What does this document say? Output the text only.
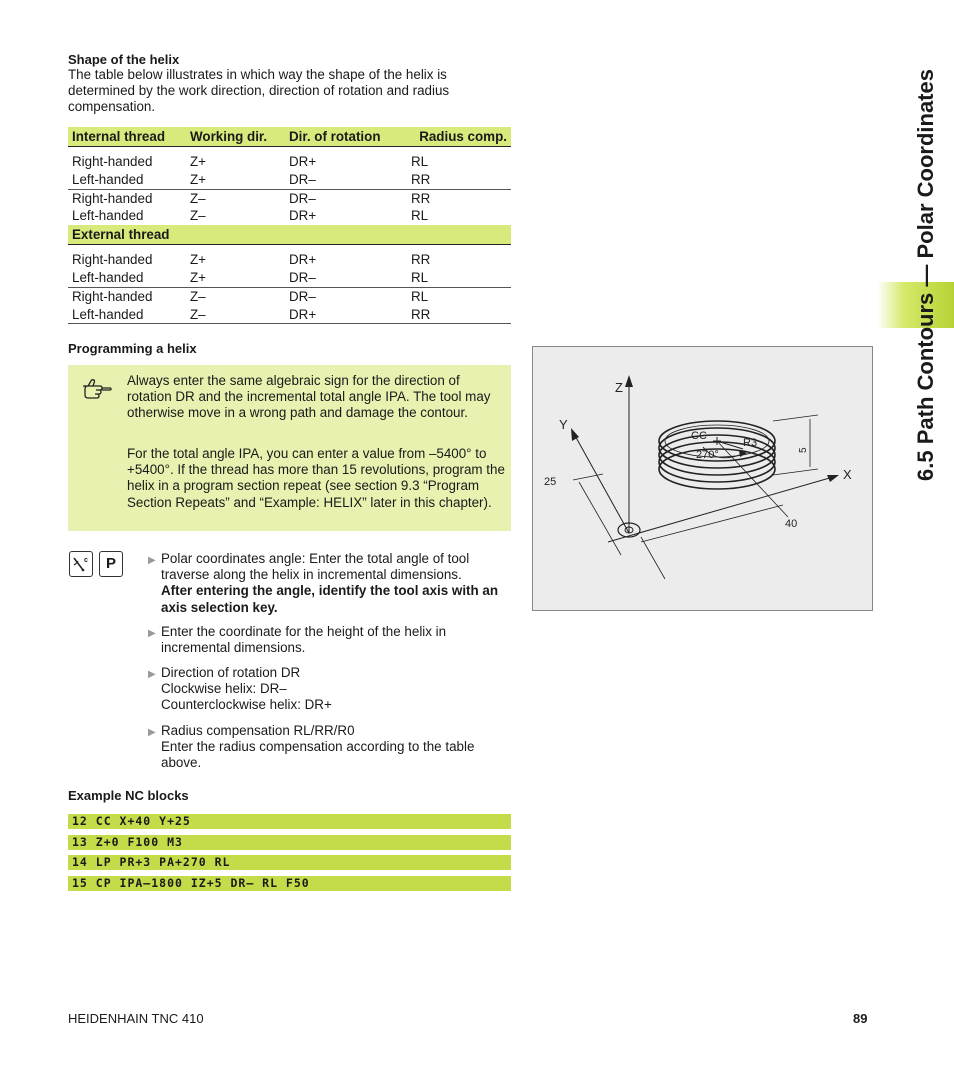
6.5 Path Contours — Polar Coordinates
Shape of the helix
The table below illustrates in which way the shape of the helix is determined by the work direction, direction of rotation and radius compensation.
Internal thread	Working dir.	Dir. of rotation	Radius comp.

Right-handed	Z+	DR+	RL
Left-handed	Z+	DR–	RR
Right-handed	Z–	DR–	RR
Left-handed	Z–	DR+	RL
External thread			

Right-handed	Z+	DR+	RR
Left-handed	Z+	DR–	RL
Right-handed	Z–	DR–	RL
Left-handed	Z–	DR+	RR
Programming a helix
Always enter the same algebraic sign for the direction of rotation DR and the incremental total angle IPA. The tool may otherwise move in a wrong path and damage the contour.
For the total angle IPA, you can enter a value from –5400° to +5400°. If the thread has more than 15 revolutions, program the helix in a program section repeat (see section 9.3 “Program Section Repeats” and “Example: HELIX” later in this chapter).
c	P	▶ Polar coordinates angle: Enter the total angle of tool traverse along the helix in incremental dimensions.
After entering the angle, identify the tool axis with an axis selection key.
▶ Enter the coordinate for the height of the helix in incremental dimensions.
▶ Direction of rotation DR
Clockwise helix: DR–
Counterclockwise helix: DR+
▶ Radius compensation RL/RR/R0
Enter the radius compensation according to the table above.
Example NC blocks
12 CC X+40 Y+25
13 Z+0 F100 M3
14 LP PR+3 PA+270 RL
15 CP IPA–1800 IZ+5 DR– RL F50
Z
Y
X
CC
R3
270°	5
25
40
HEIDENHAIN TNC 410	89
